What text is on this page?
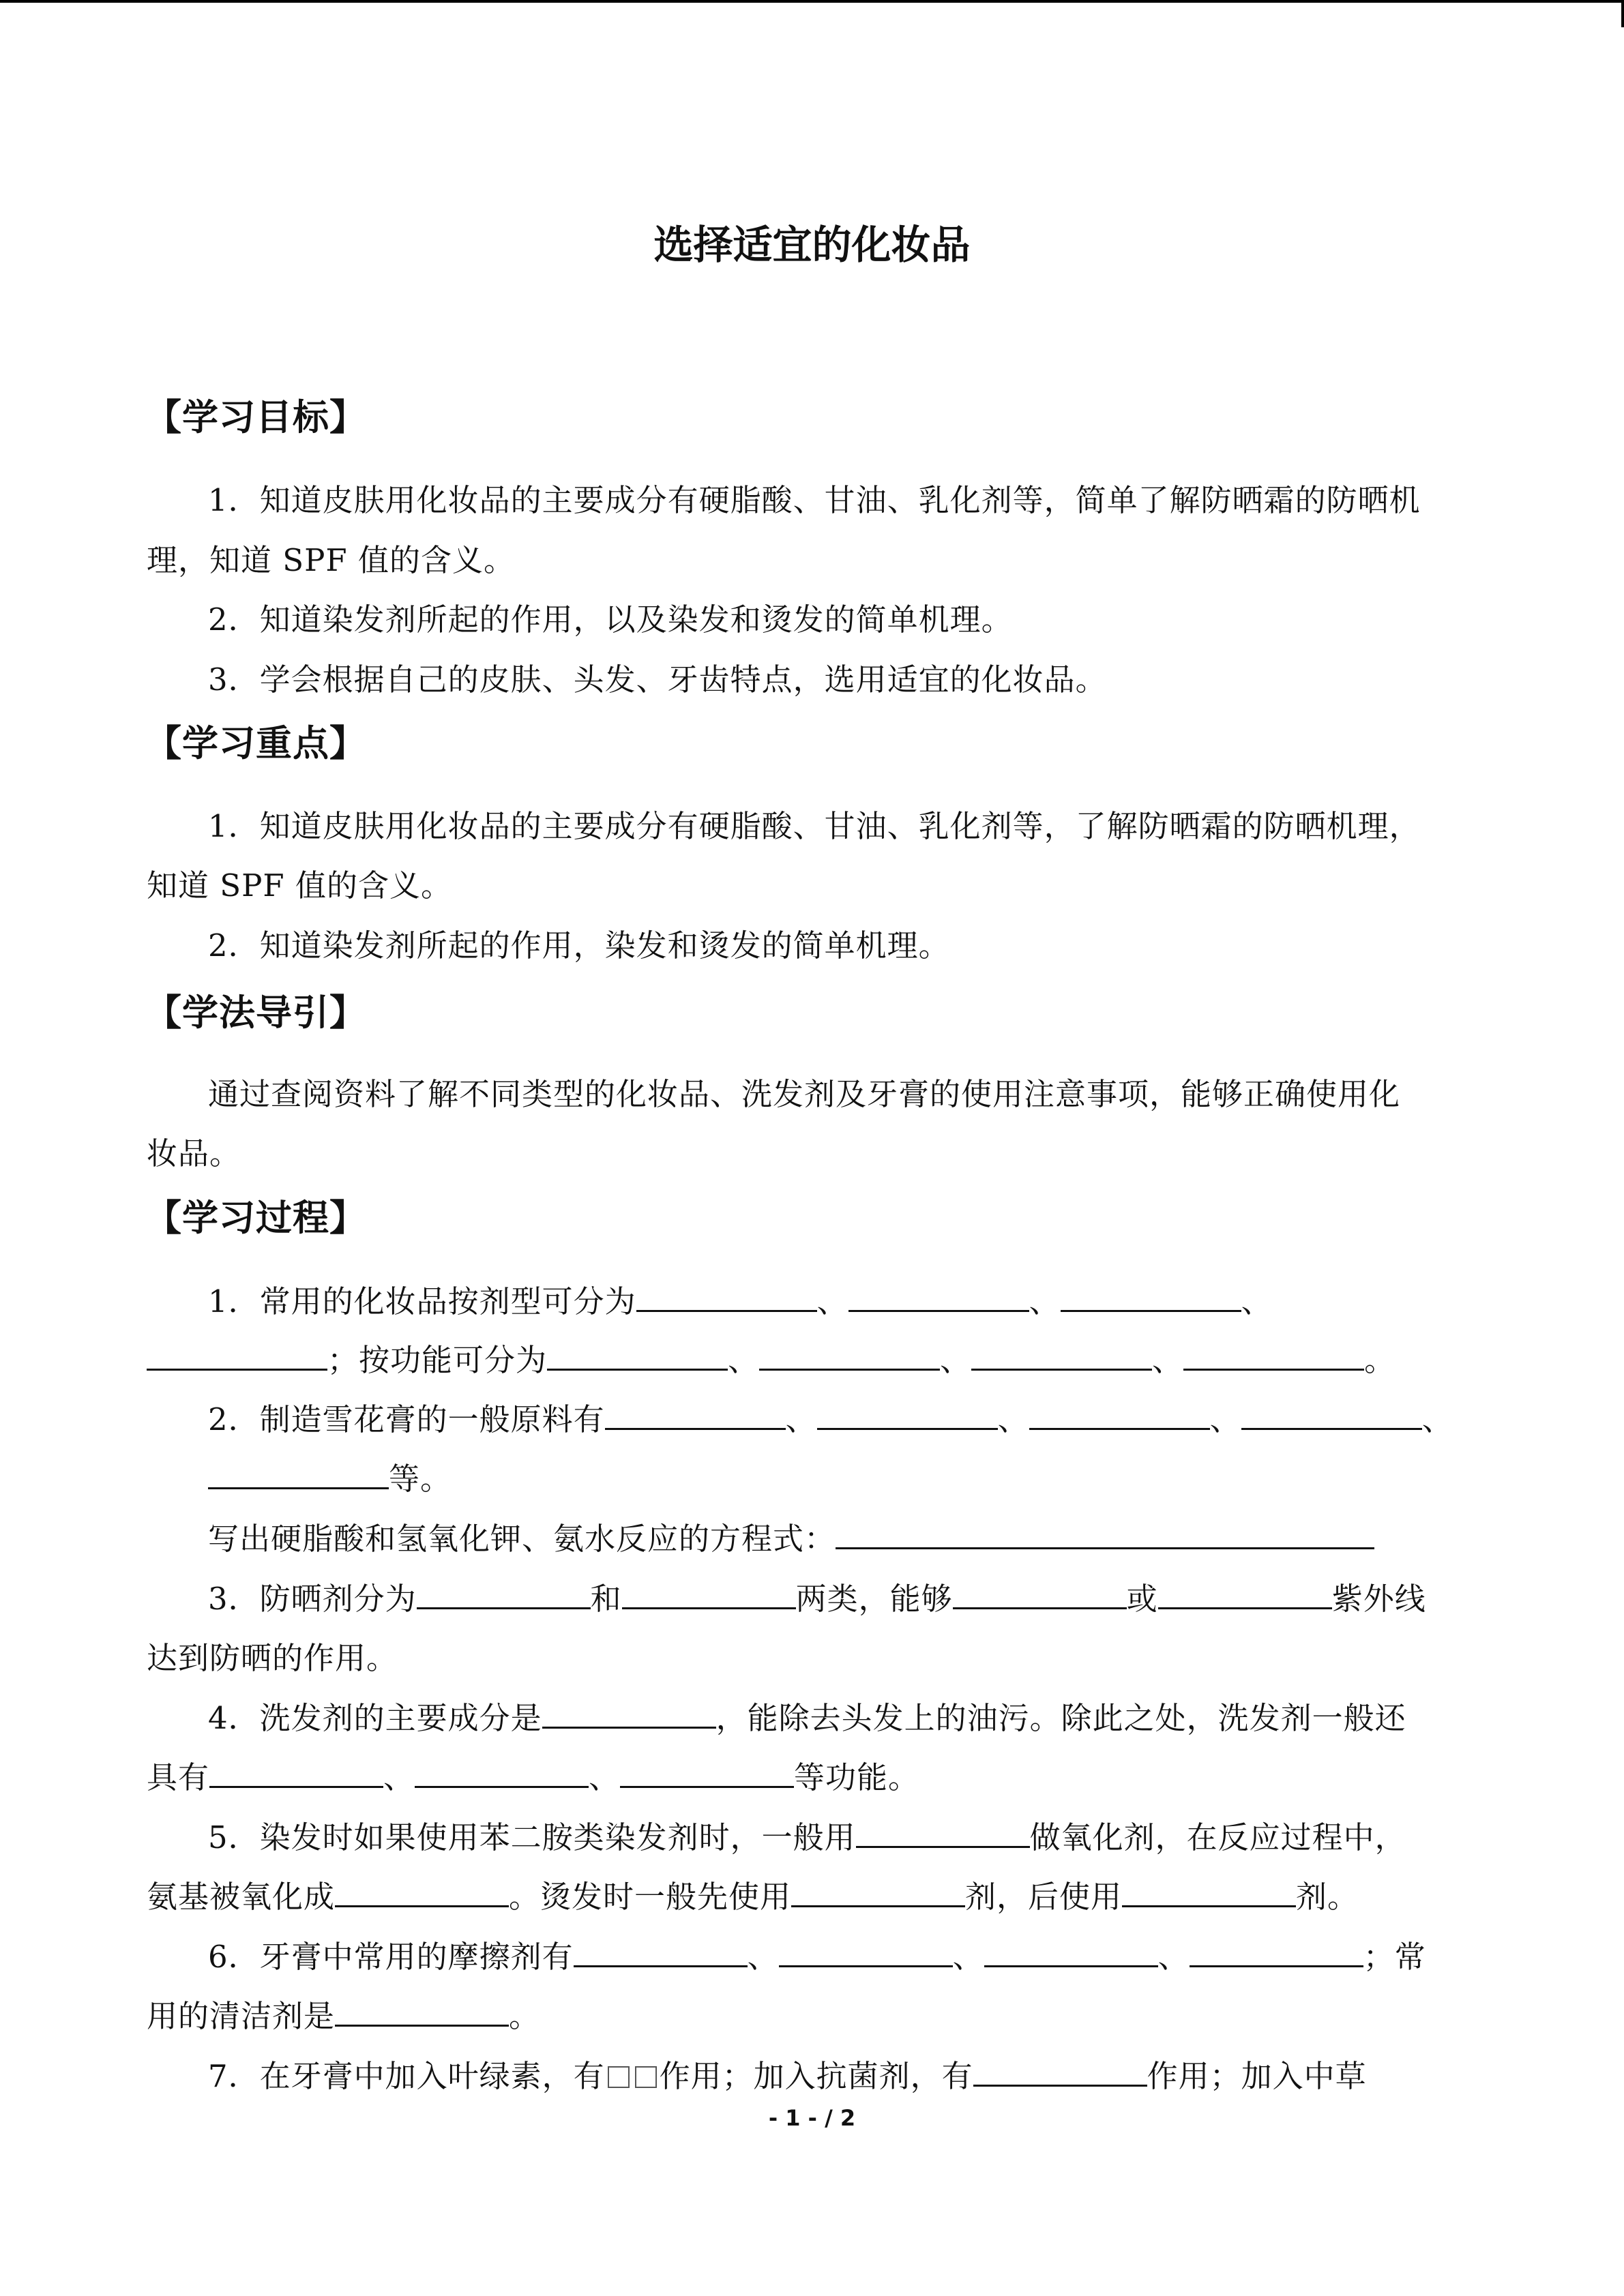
选择适宜的化妆品
【学习目标】
1．知道皮肤用化妆品的主要成分有硬脂酸、甘油、乳化剂等，简单了解防晒霜的防晒机
理，知道 SPF 值的含义。
2．知道染发剂所起的作用，以及染发和烫发的简单机理。
3．学会根据自己的皮肤、头发、牙齿特点，选用适宜的化妆品。
【学习重点】
1．知道皮肤用化妆品的主要成分有硬脂酸、甘油、乳化剂等，了解防晒霜的防晒机理，
知道 SPF 值的含义。
2．知道染发剂所起的作用，染发和烫发的简单机理。
【学法导引】
通过查阅资料了解不同类型的化妆品、洗发剂及牙膏的使用注意事项，能够正确使用化
妆品。
【学习过程】
1．常用的化妆品按剂型可分为	、	、	、
；按功能可分为	、	、	、	。
2．制造雪花膏的一般原料有	、	、	、	、
等。
写出硬脂酸和氢氧化钾、氨水反应的方程式：
3．防晒剂分为	和	两类，能够	或	紫外线
达到防晒的作用。
4．洗发剂的主要成分是	，能除去头发上的油污。除此之处，洗发剂一般还
具有	、	、	等功能。
5．染发时如果使用苯二胺类染发剂时，一般用	做氧化剂，在反应过程中，
氨基被氧化成	。烫发时一般先使用	剂，后使用	剂。
6．牙膏中常用的摩擦剂有	、	、	、	；常
用的清洁剂是	。
7．在牙膏中加入叶绿素，有 作用；加入抗菌剂，有	作用；加入中草
- 1 - / 2
